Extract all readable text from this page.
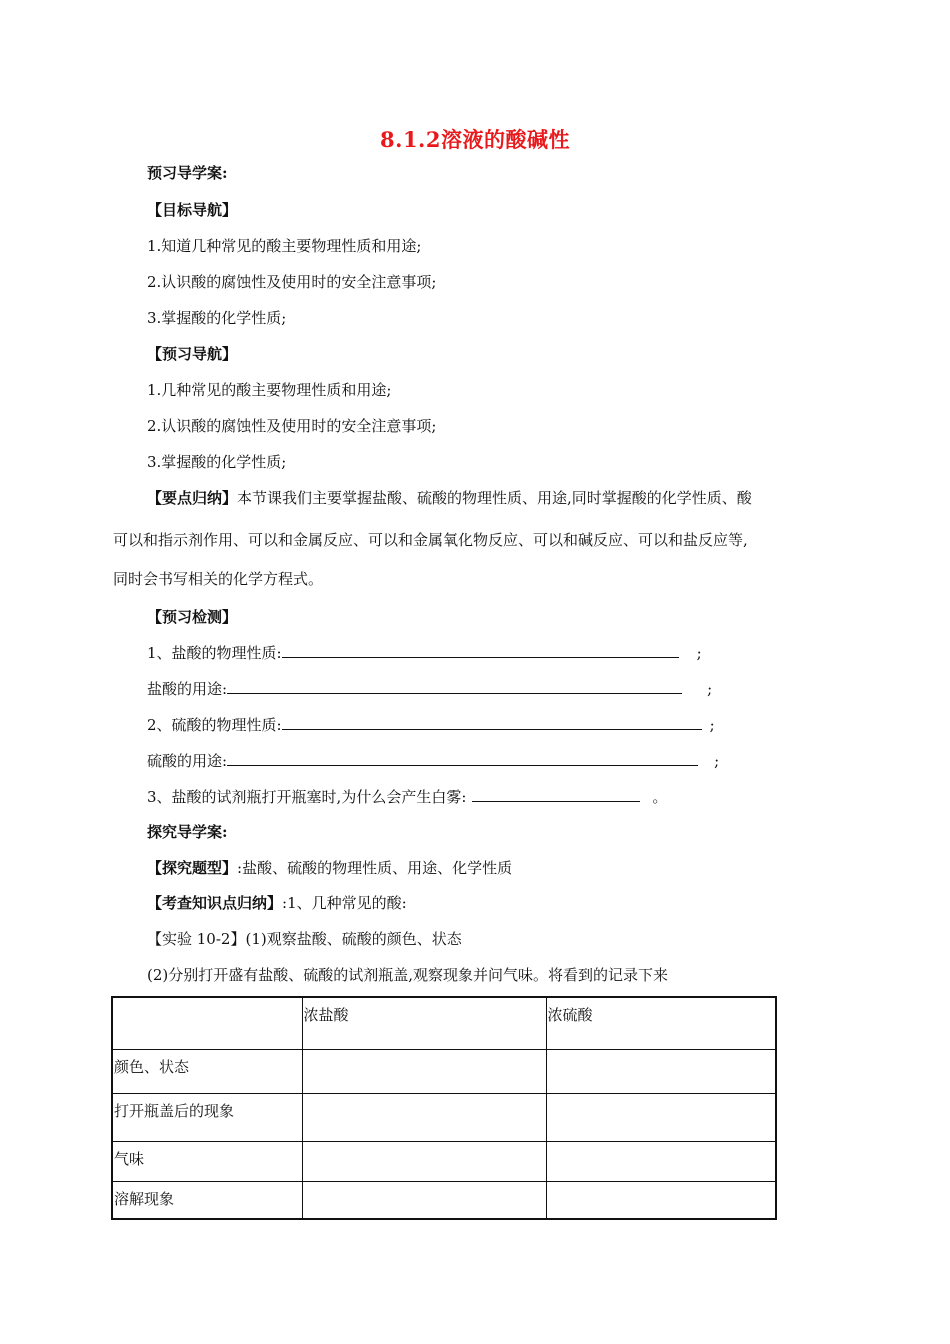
8.1.2溶液的酸碱性
预习导学案:
【目标导航】
1.知道几种常见的酸主要物理性质和用途;
2.认识酸的腐蚀性及使用时的安全注意事项;
3.掌握酸的化学性质;
【预习导航】
1.几种常见的酸主要物理性质和用途;
2.认识酸的腐蚀性及使用时的安全注意事项;
3.掌握酸的化学性质;
【要点归纳】本节课我们主要掌握盐酸、硫酸的物理性质、用途,同时掌握酸的化学性质、酸
可以和指示剂作用、可以和金属反应、可以和金属氧化物反应、可以和碱反应、可以和盐反应等,
同时会书写相关的化学方程式。
【预习检测】
1、盐酸的物理性质:	;
盐酸的用途:	;
2、硫酸的物理性质:	;
硫酸的用途:	;
3、盐酸的试剂瓶打开瓶塞时,为什么会产生白雾:	。
探究导学案:
【探究题型】:盐酸、硫酸的物理性质、用途、化学性质
【考查知识点归纳】:1、几种常见的酸:
【实验 10-2】(1)观察盐酸、硫酸的颜色、状态
(2)分别打开盛有盐酸、硫酸的试剂瓶盖,观察现象并问气味。将看到的记录下来
	浓盐酸	浓硫酸
颜色、状态		
打开瓶盖后的现象		
气味		
溶解现象		
